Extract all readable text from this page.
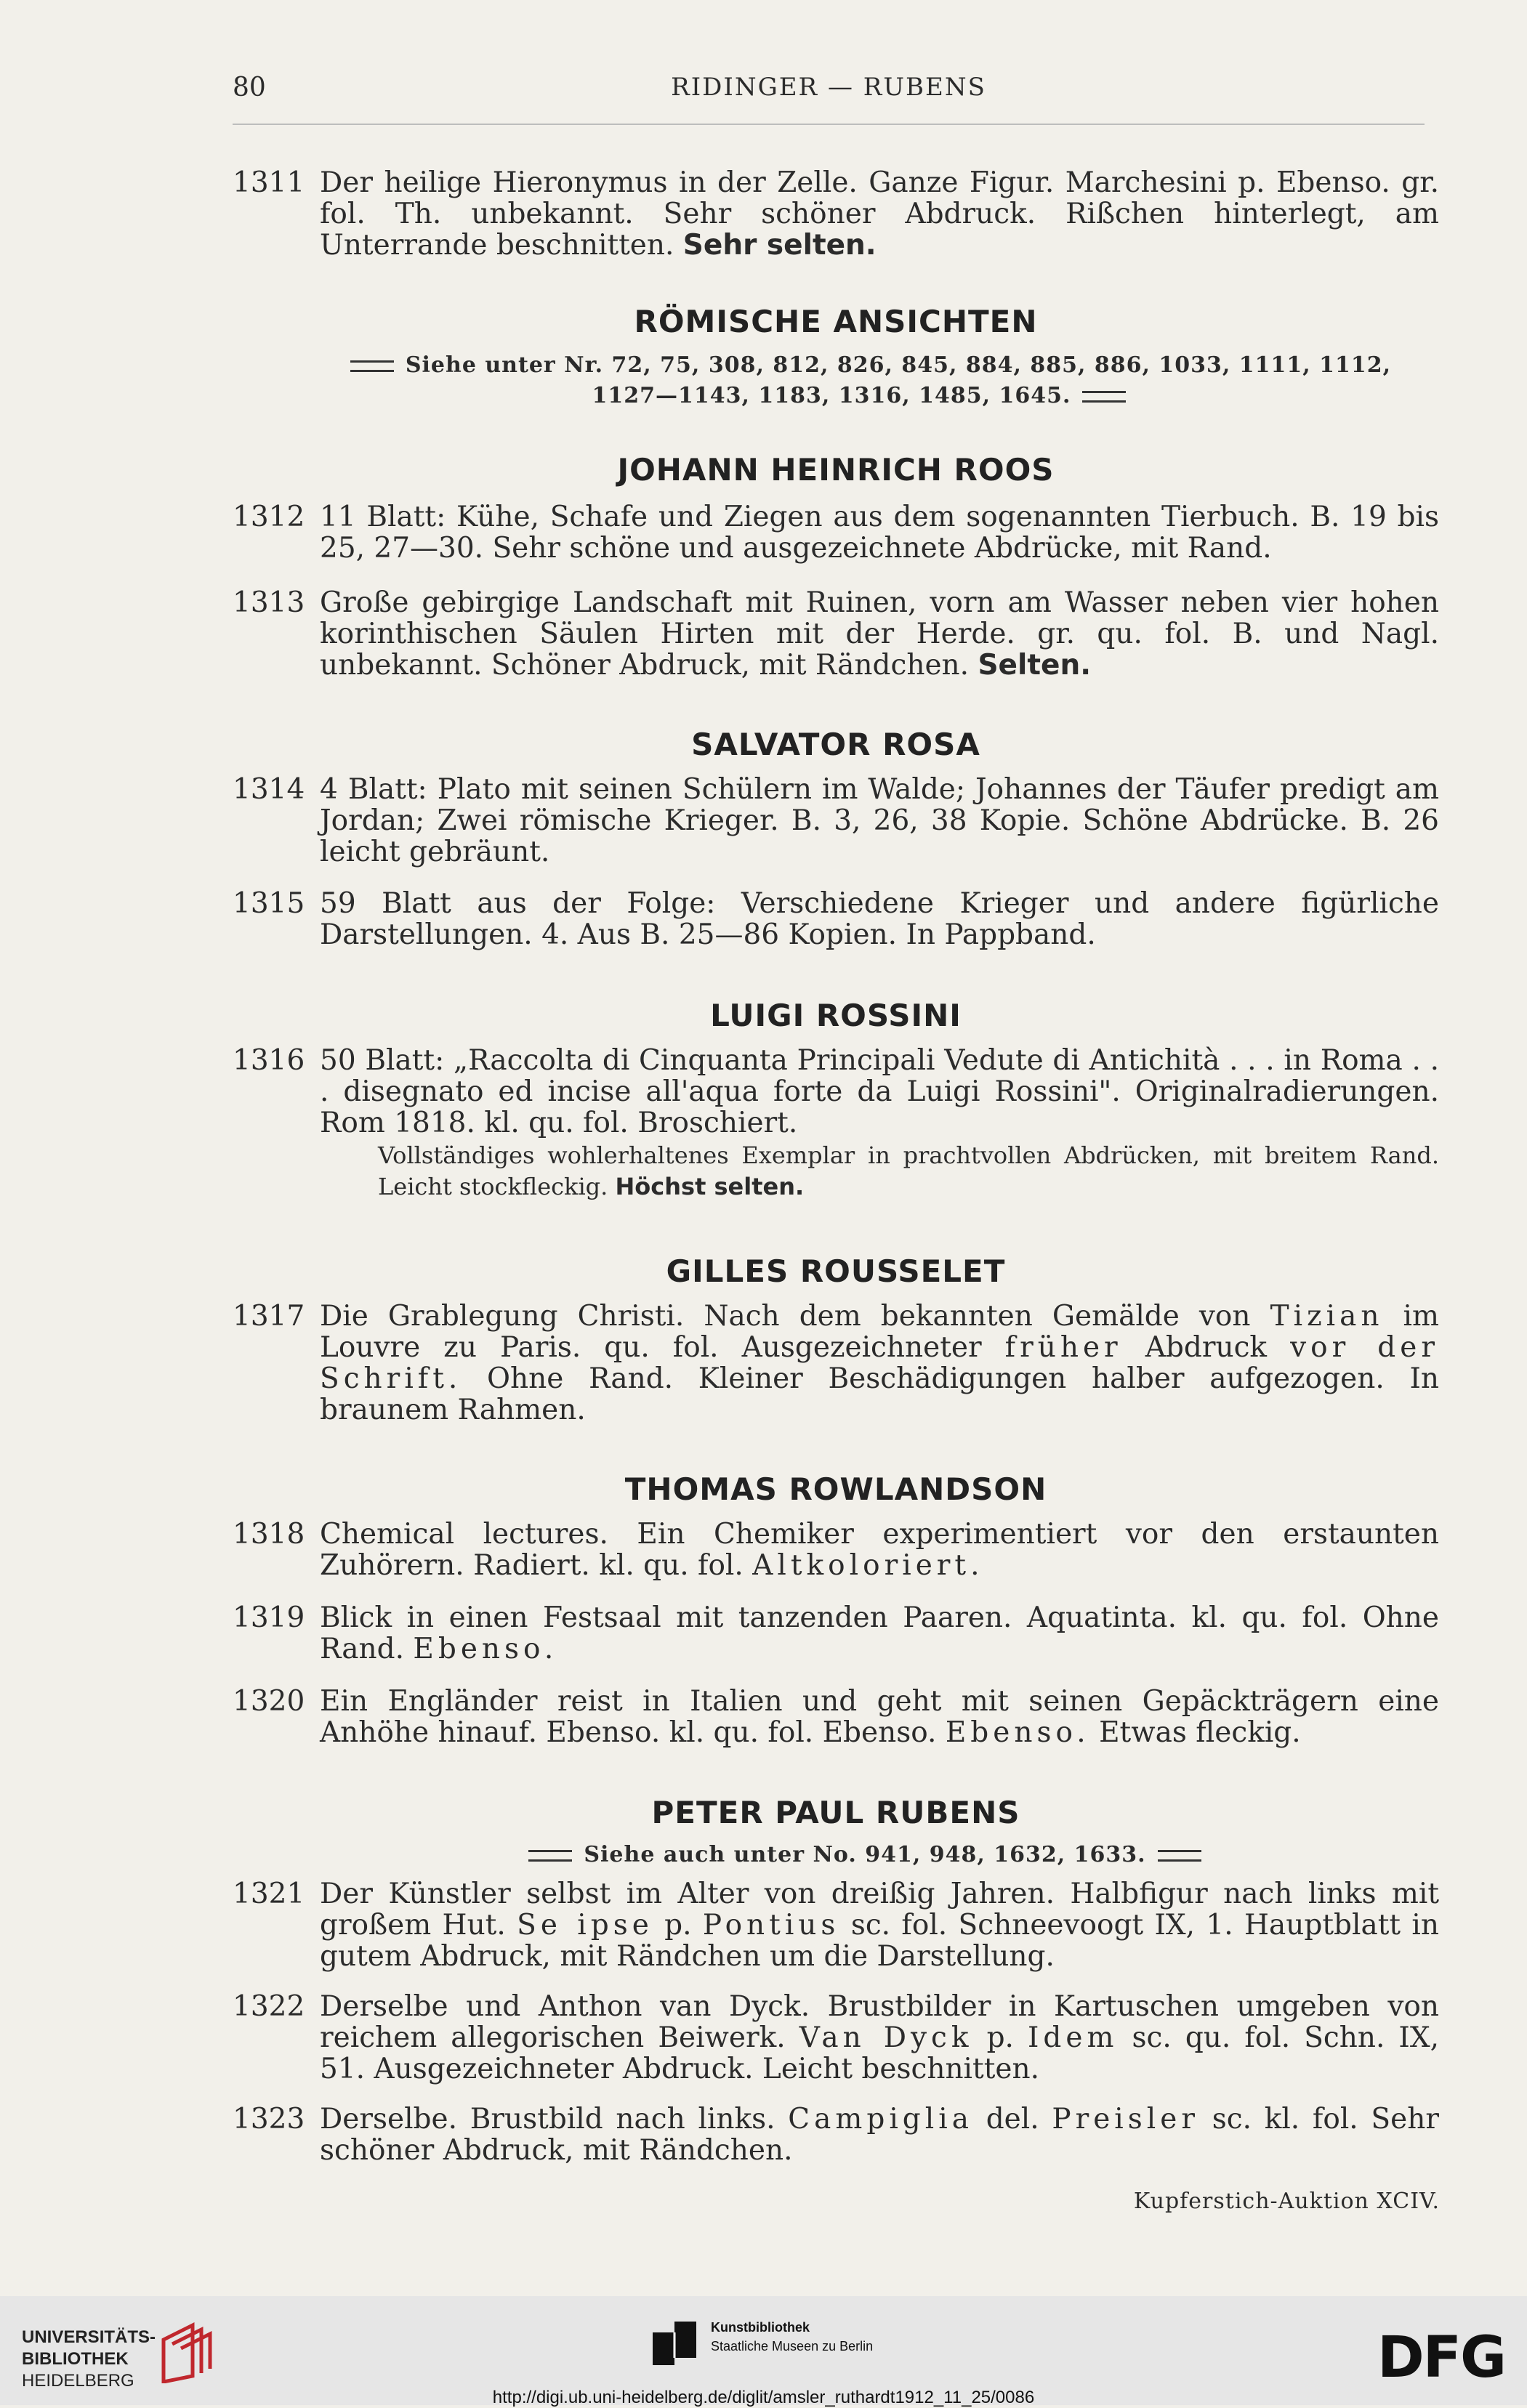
80	RIDINGER — RUBENS
1311 Der heilige Hieronymus in der Zelle. Ganze Figur. Marchesini p. Ebenso. gr. fol. Th. unbekannt. Sehr schöner Abdruck. Rißchen hinterlegt, am Unterrande beschnitten. Sehr selten.
RÖMISCHE ANSICHTEN
Siehe unter Nr. 72, 75, 308, 812, 826, 845, 884, 885, 886, 1033, 1111, 1112,
1127—1143, 1183, 1316, 1485, 1645.
JOHANN HEINRICH ROOS
1312 11 Blatt: Kühe, Schafe und Ziegen aus dem sogenannten Tierbuch. B. 19 bis 25, 27—30. Sehr schöne und ausgezeichnete Abdrücke, mit Rand.
1313 Große gebirgige Landschaft mit Ruinen, vorn am Wasser neben vier hohen korinthischen Säulen Hirten mit der Herde. gr. qu. fol. B. und Nagl. unbekannt. Schöner Abdruck, mit Rändchen. Selten.
SALVATOR ROSA
1314 4 Blatt: Plato mit seinen Schülern im Walde; Johannes der Täufer predigt am Jordan; Zwei römische Krieger. B. 3, 26, 38 Kopie. Schöne Abdrücke. B. 26 leicht gebräunt.
1315 59 Blatt aus der Folge: Verschiedene Krieger und andere figürliche Darstellungen. 4. Aus B. 25—86 Kopien. In Pappband.
LUIGI ROSSINI
1316 50 Blatt: „Raccolta di Cinquanta Principali Vedute di Antichità . . . in Roma . . . disegnato ed incise all'aqua forte da Luigi Rossini". Originalradierungen. Rom 1818. kl. qu. fol. Broschiert.
Vollständiges wohlerhaltenes Exemplar in prachtvollen Abdrücken, mit breitem Rand. Leicht stockfleckig. Höchst selten.
GILLES ROUSSELET
1317 Die Grablegung Christi. Nach dem bekannten Gemälde von Tizian im Louvre zu Paris. qu. fol. Ausgezeichneter früher Abdruck vor der Schrift. Ohne Rand. Kleiner Beschädigungen halber aufgezogen. In braunem Rahmen.
THOMAS ROWLANDSON
1318 Chemical lectures. Ein Chemiker experimentiert vor den erstaunten Zuhörern. Radiert. kl. qu. fol. Altkoloriert.
1319 Blick in einen Festsaal mit tanzenden Paaren. Aquatinta. kl. qu. fol. Ohne Rand. Ebenso.
1320 Ein Engländer reist in Italien und geht mit seinen Gepäckträgern eine Anhöhe hinauf. Ebenso. kl. qu. fol. Ebenso. Ebenso. Etwas fleckig.
PETER PAUL RUBENS
Siehe auch unter No. 941, 948, 1632, 1633.
1321 Der Künstler selbst im Alter von dreißig Jahren. Halbfigur nach links mit großem Hut. Se ipse p. Pontius sc. fol. Schneevoogt IX, 1. Hauptblatt in gutem Abdruck, mit Rändchen um die Darstellung.
1322 Derselbe und Anthon van Dyck. Brustbilder in Kartuschen umgeben von reichem allegorischen Beiwerk. Van Dyck p. Idem sc. qu. fol. Schn. IX, 51. Ausgezeichneter Abdruck. Leicht beschnitten.
1323 Derselbe. Brustbild nach links. Campiglia del. Preisler sc. kl. fol. Sehr schöner Abdruck, mit Rändchen.
Kupferstich-Auktion XCIV.
UNIVERSITÄTS-
BIBLIOTHEK
HEIDELBERG
Kunstbibliothek
Staatliche Museen zu Berlin	DFG
http://digi.ub.uni-heidelberg.de/diglit/amsler_ruthardt1912_11_25/0086
